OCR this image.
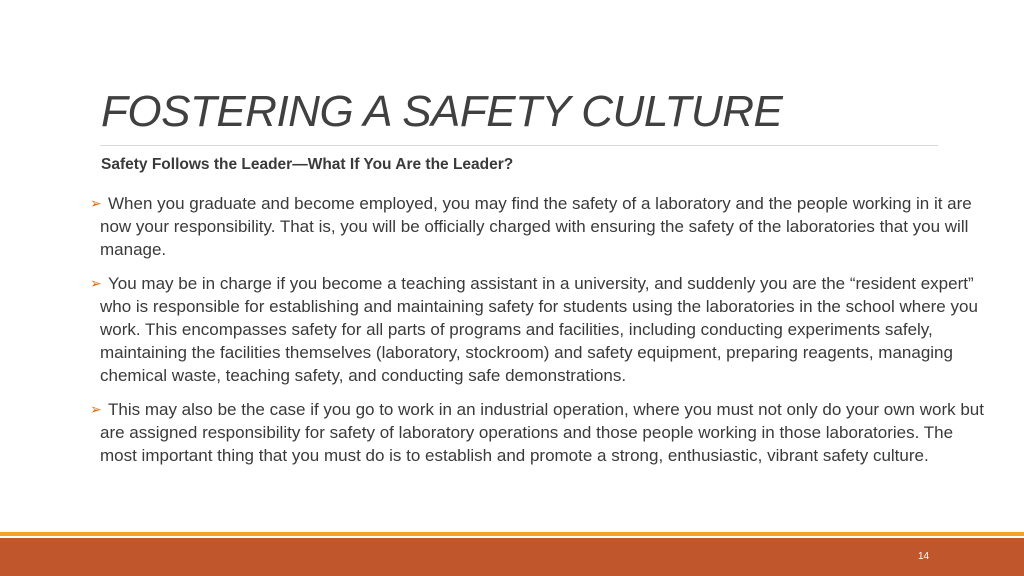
FOSTERING A SAFETY CULTURE

Safety Follows the Leader—What If You Are the Leader?

➢ When you graduate and become employed, you may find the safety of a laboratory and the people working in it are now your responsibility. That is, you will be officially charged with ensuring the safety of the laboratories that you will manage.
➢ You may be in charge if you become a teaching assistant in a university, and suddenly you are the “resident expert” who is responsible for establishing and maintaining safety for students using the laboratories in the school where you work. This encompasses safety for all parts of programs and facilities, including conducting experiments safely, maintaining the facilities themselves (laboratory, stockroom) and safety equipment, preparing reagents, managing chemical waste, teaching safety, and conducting safe demonstrations.
➢ This may also be the case if you go to work in an industrial operation, where you must not only do your own work but are assigned responsibility for safety of laboratory operations and those people working in those laboratories. The most important thing that you must do is to establish and promote a strong, enthusiastic, vibrant safety culture.
14
